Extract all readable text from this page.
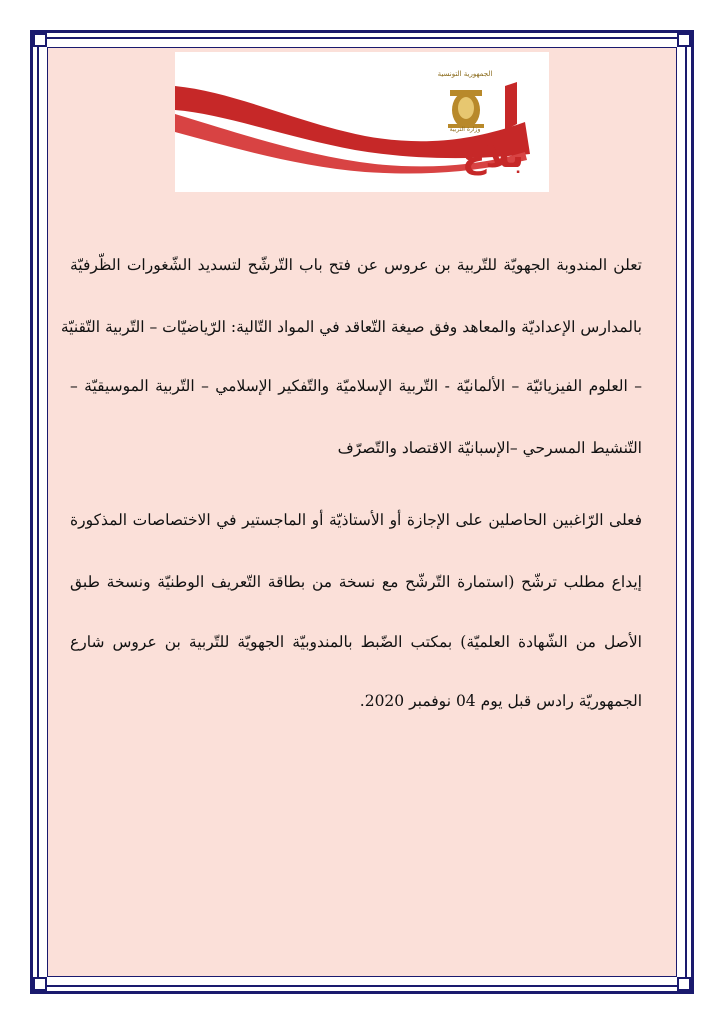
بلاغ
الجمهورية التونسية
وزارة التربية
تعلن المندوبة الجهويّة للتّربية بن عروس عن فتح باب التّرشّح لتسديد الشّغورات الظّرفيّة
بالمدارس الإعداديّة والمعاهد وفق صيغة التّعاقد في المواد التّالية: الرّياضيّات – التّربية التّقنيّة
– العلوم الفيزيائيّة – الألمانيّة - التّربية الإسلاميّة والتّفكير الإسلامي – التّربية الموسيقيّة –
التّنشيط المسرحي –الإسبانيّة الاقتصاد والتّصرّف
فعلى الرّاغبين الحاصلين على الإجازة أو الأستاذيّة أو الماجستير في الاختصاصات المذكورة
إيداع مطلب ترشّح (استمارة التّرشّح مع نسخة من بطاقة التّعريف الوطنيّة ونسخة طبق
الأصل من الشّهادة العلميّة) بمكتب الضّبط بالمندوبيّة الجهويّة للتّربية بن عروس شارع
الجمهوريّة رادس قبل يوم 04 نوفمبر 2020.
